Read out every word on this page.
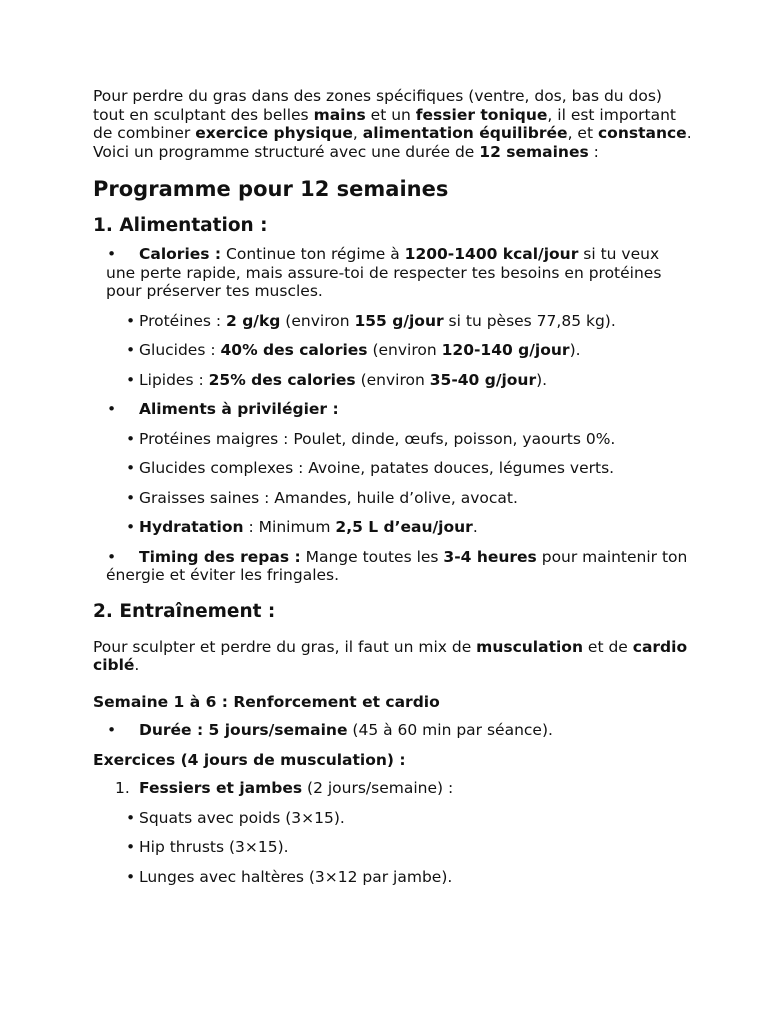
Pour perdre du gras dans des zones spécifiques (ventre, dos, bas du dos) tout en sculptant des belles mains et un fessier tonique, il est important de combiner exercice physique, alimentation équilibrée, et constance. Voici un programme structuré avec une durée de 12 semaines :

Programme pour 12 semaines
1. Alimentation :
•	Calories : Continue ton régime à 1200-1400 kcal/jour si tu veux une perte rapide, mais assure-toi de respecter tes besoins en protéines pour préserver tes muscles.
• Protéines : 2 g/kg (environ 155 g/jour si tu pèses 77,85 kg).
• Glucides : 40% des calories (environ 120-140 g/jour).
• Lipides : 25% des calories (environ 35-40 g/jour).
•	Aliments à privilégier :
• Protéines maigres : Poulet, dinde, œufs, poisson, yaourts 0%.
• Glucides complexes : Avoine, patates douces, légumes verts.
• Graisses saines : Amandes, huile d’olive, avocat.
• Hydratation : Minimum 2,5 L d’eau/jour.
•	Timing des repas : Mange toutes les 3-4 heures pour maintenir ton énergie et éviter les fringales.
2. Entraînement :

Pour sculpter et perdre du gras, il faut un mix de musculation et de cardio ciblé.

Semaine 1 à 6 : Renforcement et cardio
•	Durée : 5 jours/semaine (45 à 60 min par séance).
Exercices (4 jours de musculation) :
1. Fessiers et jambes (2 jours/semaine) :
• Squats avec poids (3×15).
• Hip thrusts (3×15).
• Lunges avec haltères (3×12 par jambe).
